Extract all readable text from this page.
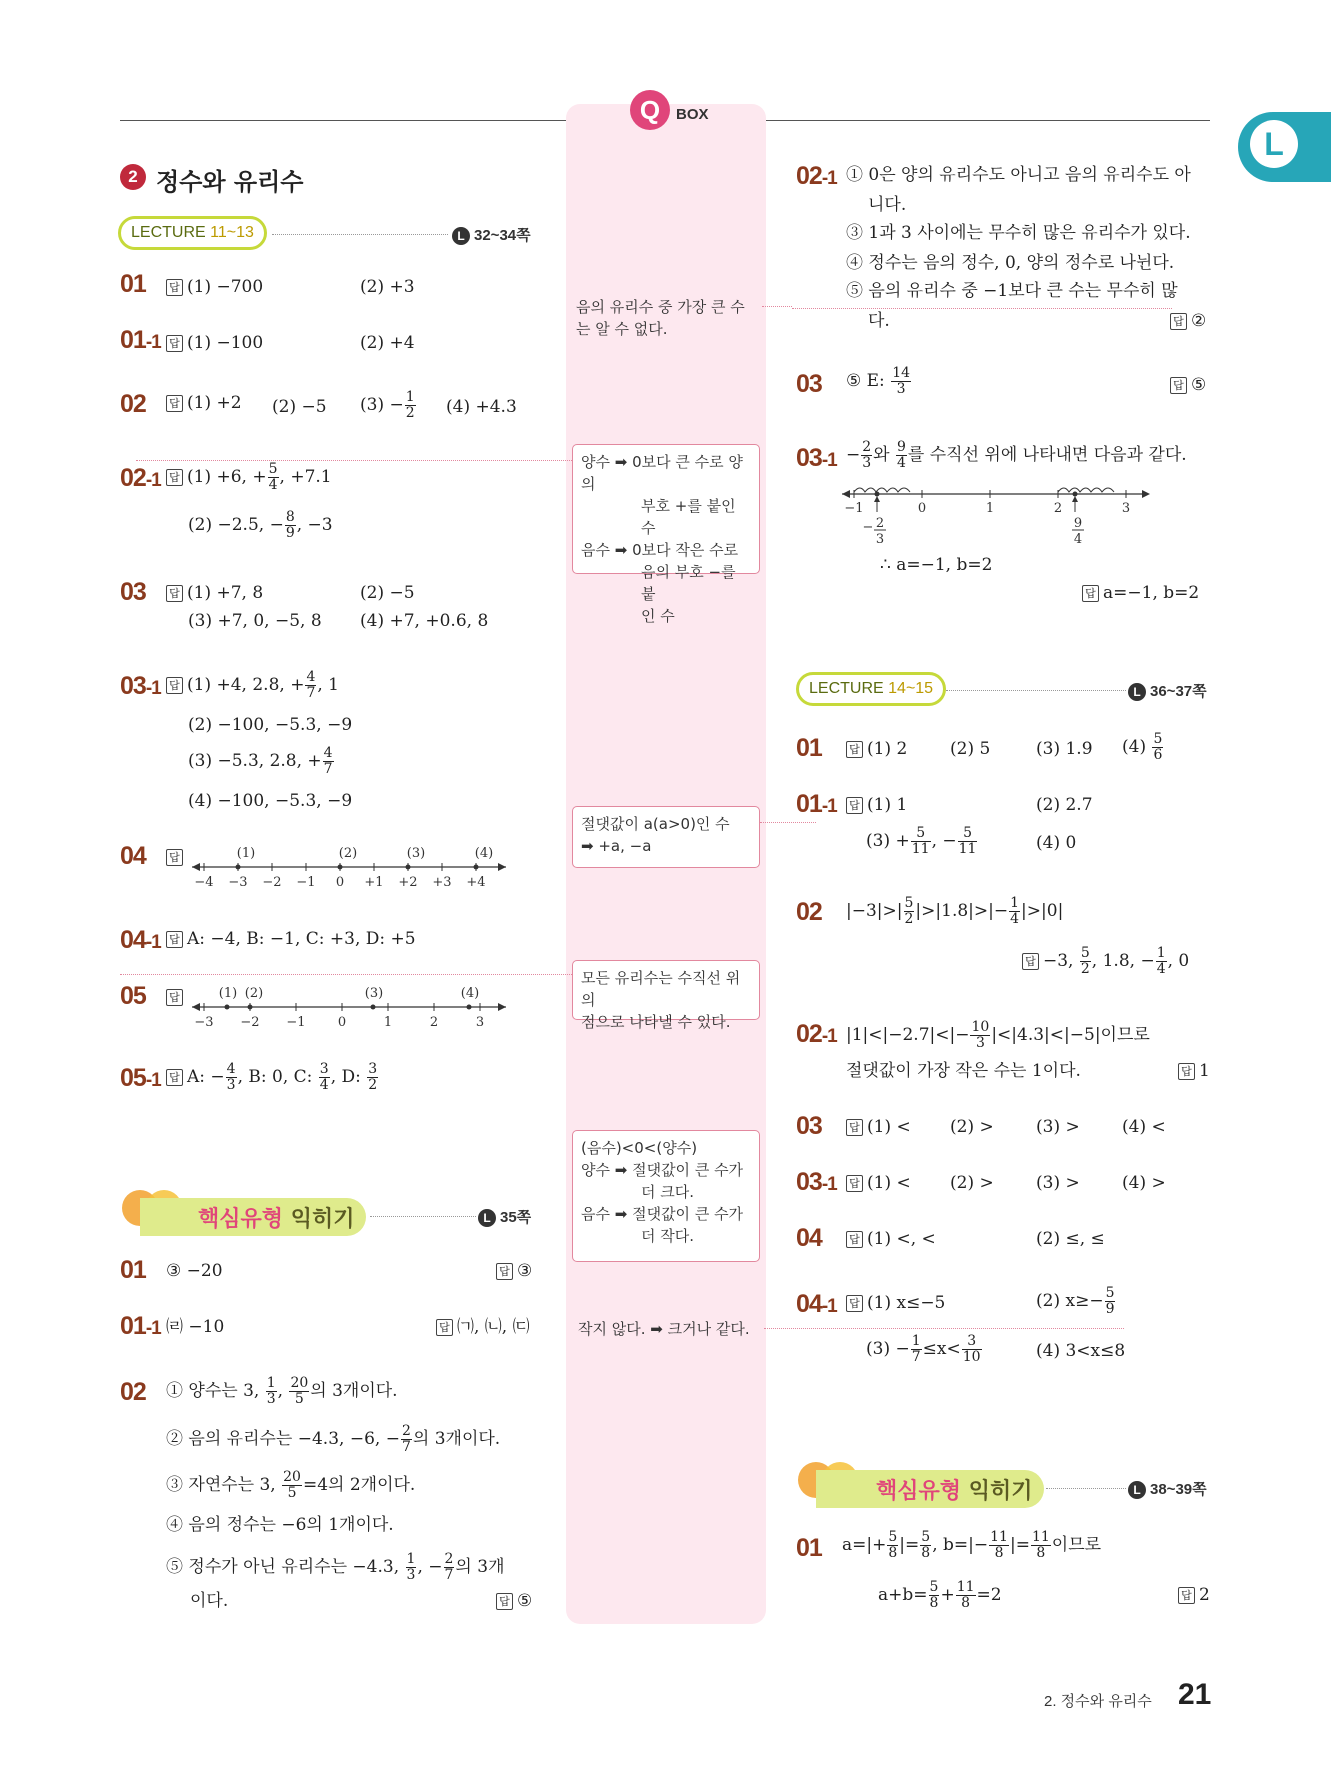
Q	BOX
L
2 정수와 유리수
LECTURE 11~13	L 32~34쪽
01 답 (1) −700	(2) +3
01-1 답 (1) −100	(2) +4
02 답 (1) +2 (2) −5 $(3) - \frac{1}{2} (4) +4.3$
02-1 답 (1) +6, + $\frac{5}{4}$ , +7.1
(2) −2.5, − $\frac{8}{9}$ , −3
03 답 (1) +7, 8	(2) −5
(3) +7, 0, −5, 8 (4) +7, +0.6, 8
03-1 답 (1) +4, 2.8, + $\frac{4}{7}$ , 1
(2) −100, −5.3, −9
(3) −5.3, 2.8, + $\frac{4}{7}$
(4) −100, −5.3, −9
04 답	(1)	(2)	(3)	(4)
−4 −3 −2 −1 0 +1 +2 +3 +4
04-1 답 A: −4, B: −1, C: +3, D: +5
05 답	(1) (2)	(3)	(4)
−3 −2 −1 0	1	2	3
05-1 답 A: − $\frac{4}{3}$ , B: 0, C: $\frac{3}{4}$ , D: $\frac{3}{2}$
핵심유형 익히기	L 35쪽
01 ③ −20	답 ③
01-1 ㈃ −10	답 ㈀, ㈁, ㈂
02 ① 양수는 3, $\frac{1}{3}$ , $\frac{20}{5}$ 의 3개이다.
② 음의 유리수는 −4.3, −6, − $\frac{2}{7}$ 의 3개이다.
③ 자연수는 3, $\frac{20}{5} =4$의 2개이다.
④ 음의 정수는 −6의 1개이다.
⑤ 정수가 아닌 유리수는 −4.3, $\frac{1}{3}$ , − $\frac{2}{7}$ 의 3개
이다.	답 ⑤
음의 유리수 중 가장 큰 수는 알 수 없다.
양수 ➡ 0보다 큰 수로 양의
부호 +를 붙인 수
음수 ➡ 0보다 작은 수로
음의 부호 −를 붙
인 수
절댓값이 a(a>0)인 수
➡ +a, −a
모든 유리수는 수직선 위의
점으로 나타낼 수 있다.
(음수)<0<(양수)
양수 ➡ 절댓값이 큰 수가
더 크다.
음수 ➡ 절댓값이 큰 수가
더 작다.
작지 않다. ➡ 크거나 같다.
02-1 ① 0은 양의 유리수도 아니고 음의 유리수도 아
니다.
③ 1과 3 사이에는 무수히 많은 유리수가 있다.
④ 정수는 음의 정수, 0, 양의 정수로 나뉜다.
⑤ 음의 유리수 중 −1보다 큰 수는 무수히 많
다.	답 ②
03 ⑤ E: $\frac{14}{3}$	답 ⑤
$03-1 - \frac{2}{3}$ 와 $\frac{9}{4}$ 를 수직선 위에 나타내면 다음과 같다.
−1	0	1	2	3
− 2
3
9
4
∴ a=−1, b=2
답 a=−1, b=2
LECTURE 14~15	L 36~37쪽
01 답 (1) 2	(2) 5	(3) 1.9 $(4) \frac{5}{6}$
01-1 답 (1) 1	(2) 2.7
$(3) + \frac{5}{11}$ , − $\frac{5}{11}$	(4) 0
02 $|-3|>| \frac{5}{2} |>|1.8|>|- \frac{1}{4} |>|0|$
답 −3, $\frac{5}{2}$ , 1.8, − $\frac{1}{4}$ , 0
02-1 $|1|<|-2.7|<|- \frac{10}{3} |<|4.3|<|-5|$이므로
절댓값이 가장 작은 수는 1이다.	답 1
03 답 (1) < (2) > (3) > (4) <
03-1 답 (1) < (2) > (3) > (4) >
04 답 (1) <, <	(2) ≤, ≤
04-1 답 (1) x≤−5	(2) $x\ge- \frac{5}{9}$
$(3) - \frac{1}{7} \le x< \frac{3}{10}$	(4) 3<x≤8
핵심유형 익히기	L 38~39쪽
01 $a=|+ \frac{5}{8}$ |= $\frac{5}{8}$ , $b=|- \frac{11}{8}$ |= $\frac{11}{8}$ 이므로
$a+b= \frac{5}{8} + \frac{11}{8} =2$	답 2
2. 정수와 유리수 21
